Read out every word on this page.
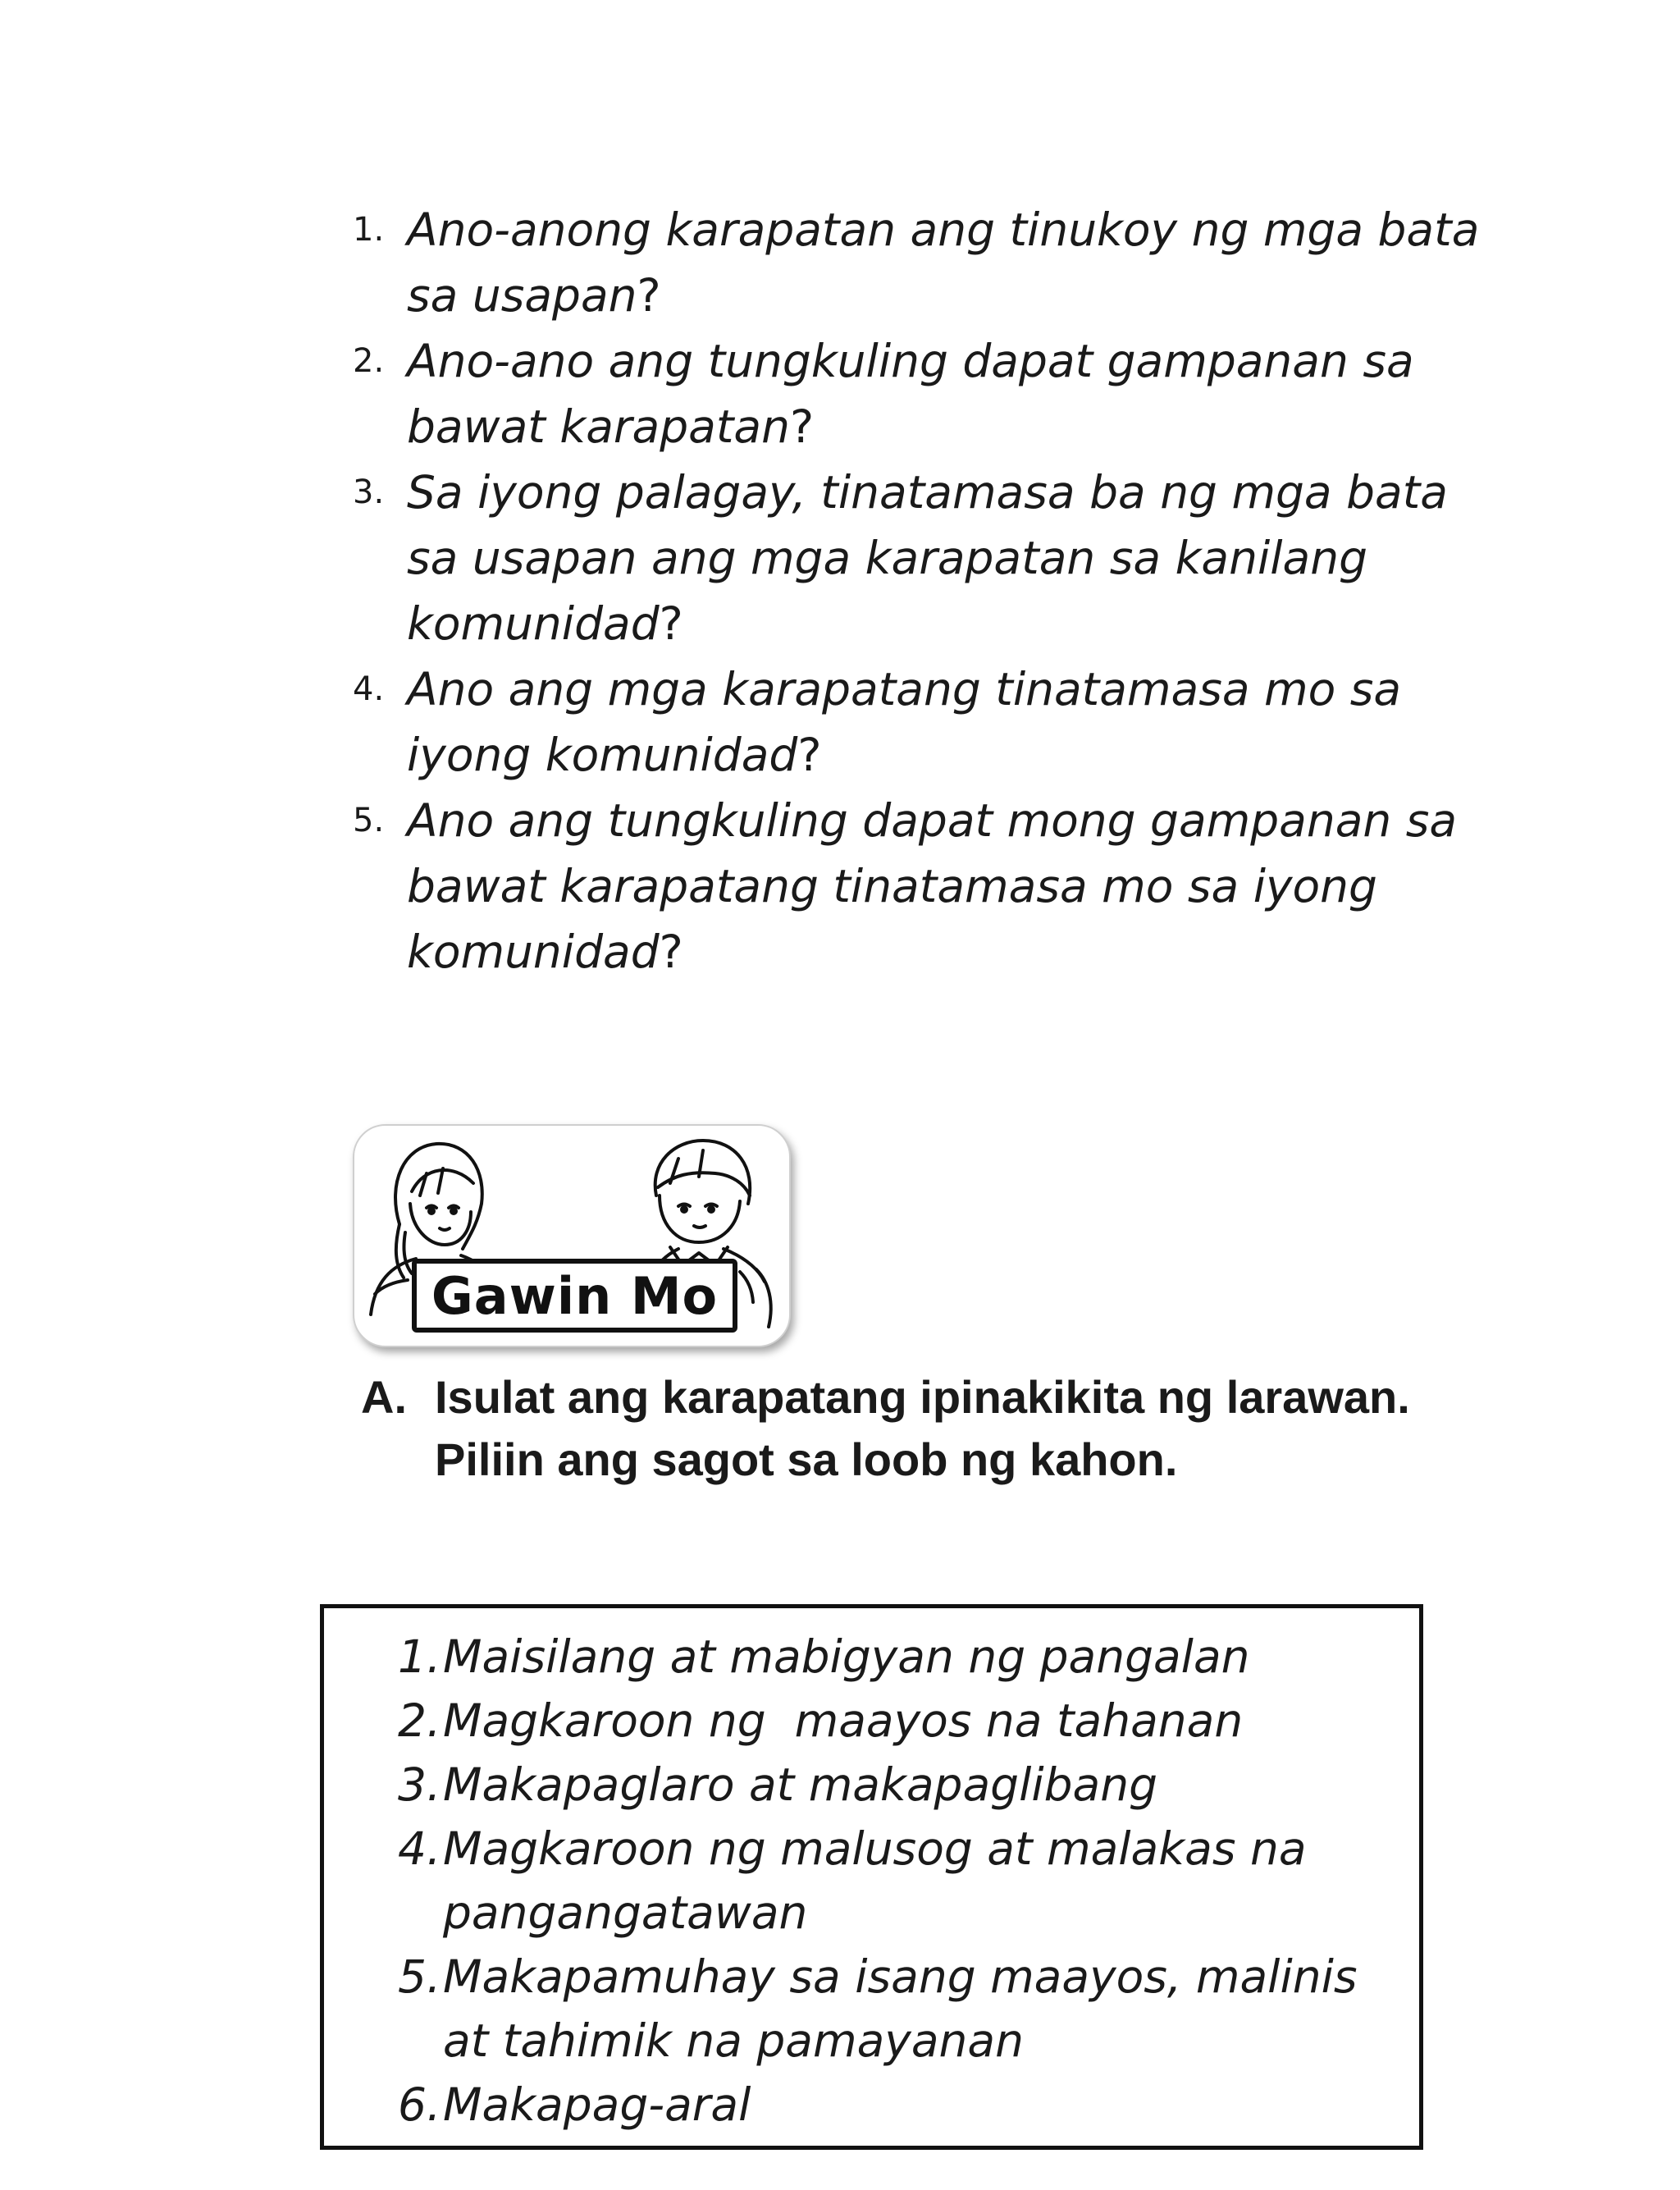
1. Ano-anong karapatan ang tinukoy ng mga bata sa usapan?
2. Ano-ano ang tungkuling dapat gampanan sa bawat karapatan?
3. Sa iyong palagay, tinatamasa ba ng mga bata sa usapan ang mga karapatan sa kanilang komunidad?
4. Ano ang mga karapatang tinatamasa mo sa iyong komunidad?
5. Ano ang tungkuling dapat mong gampanan sa bawat karapatang tinatamasa mo sa iyong komunidad?
Gawin Mo
A. Isulat ang karapatang ipinakikita ng larawan. Piliin ang sagot sa loob ng kahon.
1. Maisilang at mabigyan ng pangalan
2. Magkaroon ng  maayos na tahanan
3. Makapaglaro at makapaglibang
4. Magkaroon ng malusog at malakas na pangangatawan
5. Makapamuhay sa isang maayos, malinis at tahimik na pamayanan
6. Makapag-aral
